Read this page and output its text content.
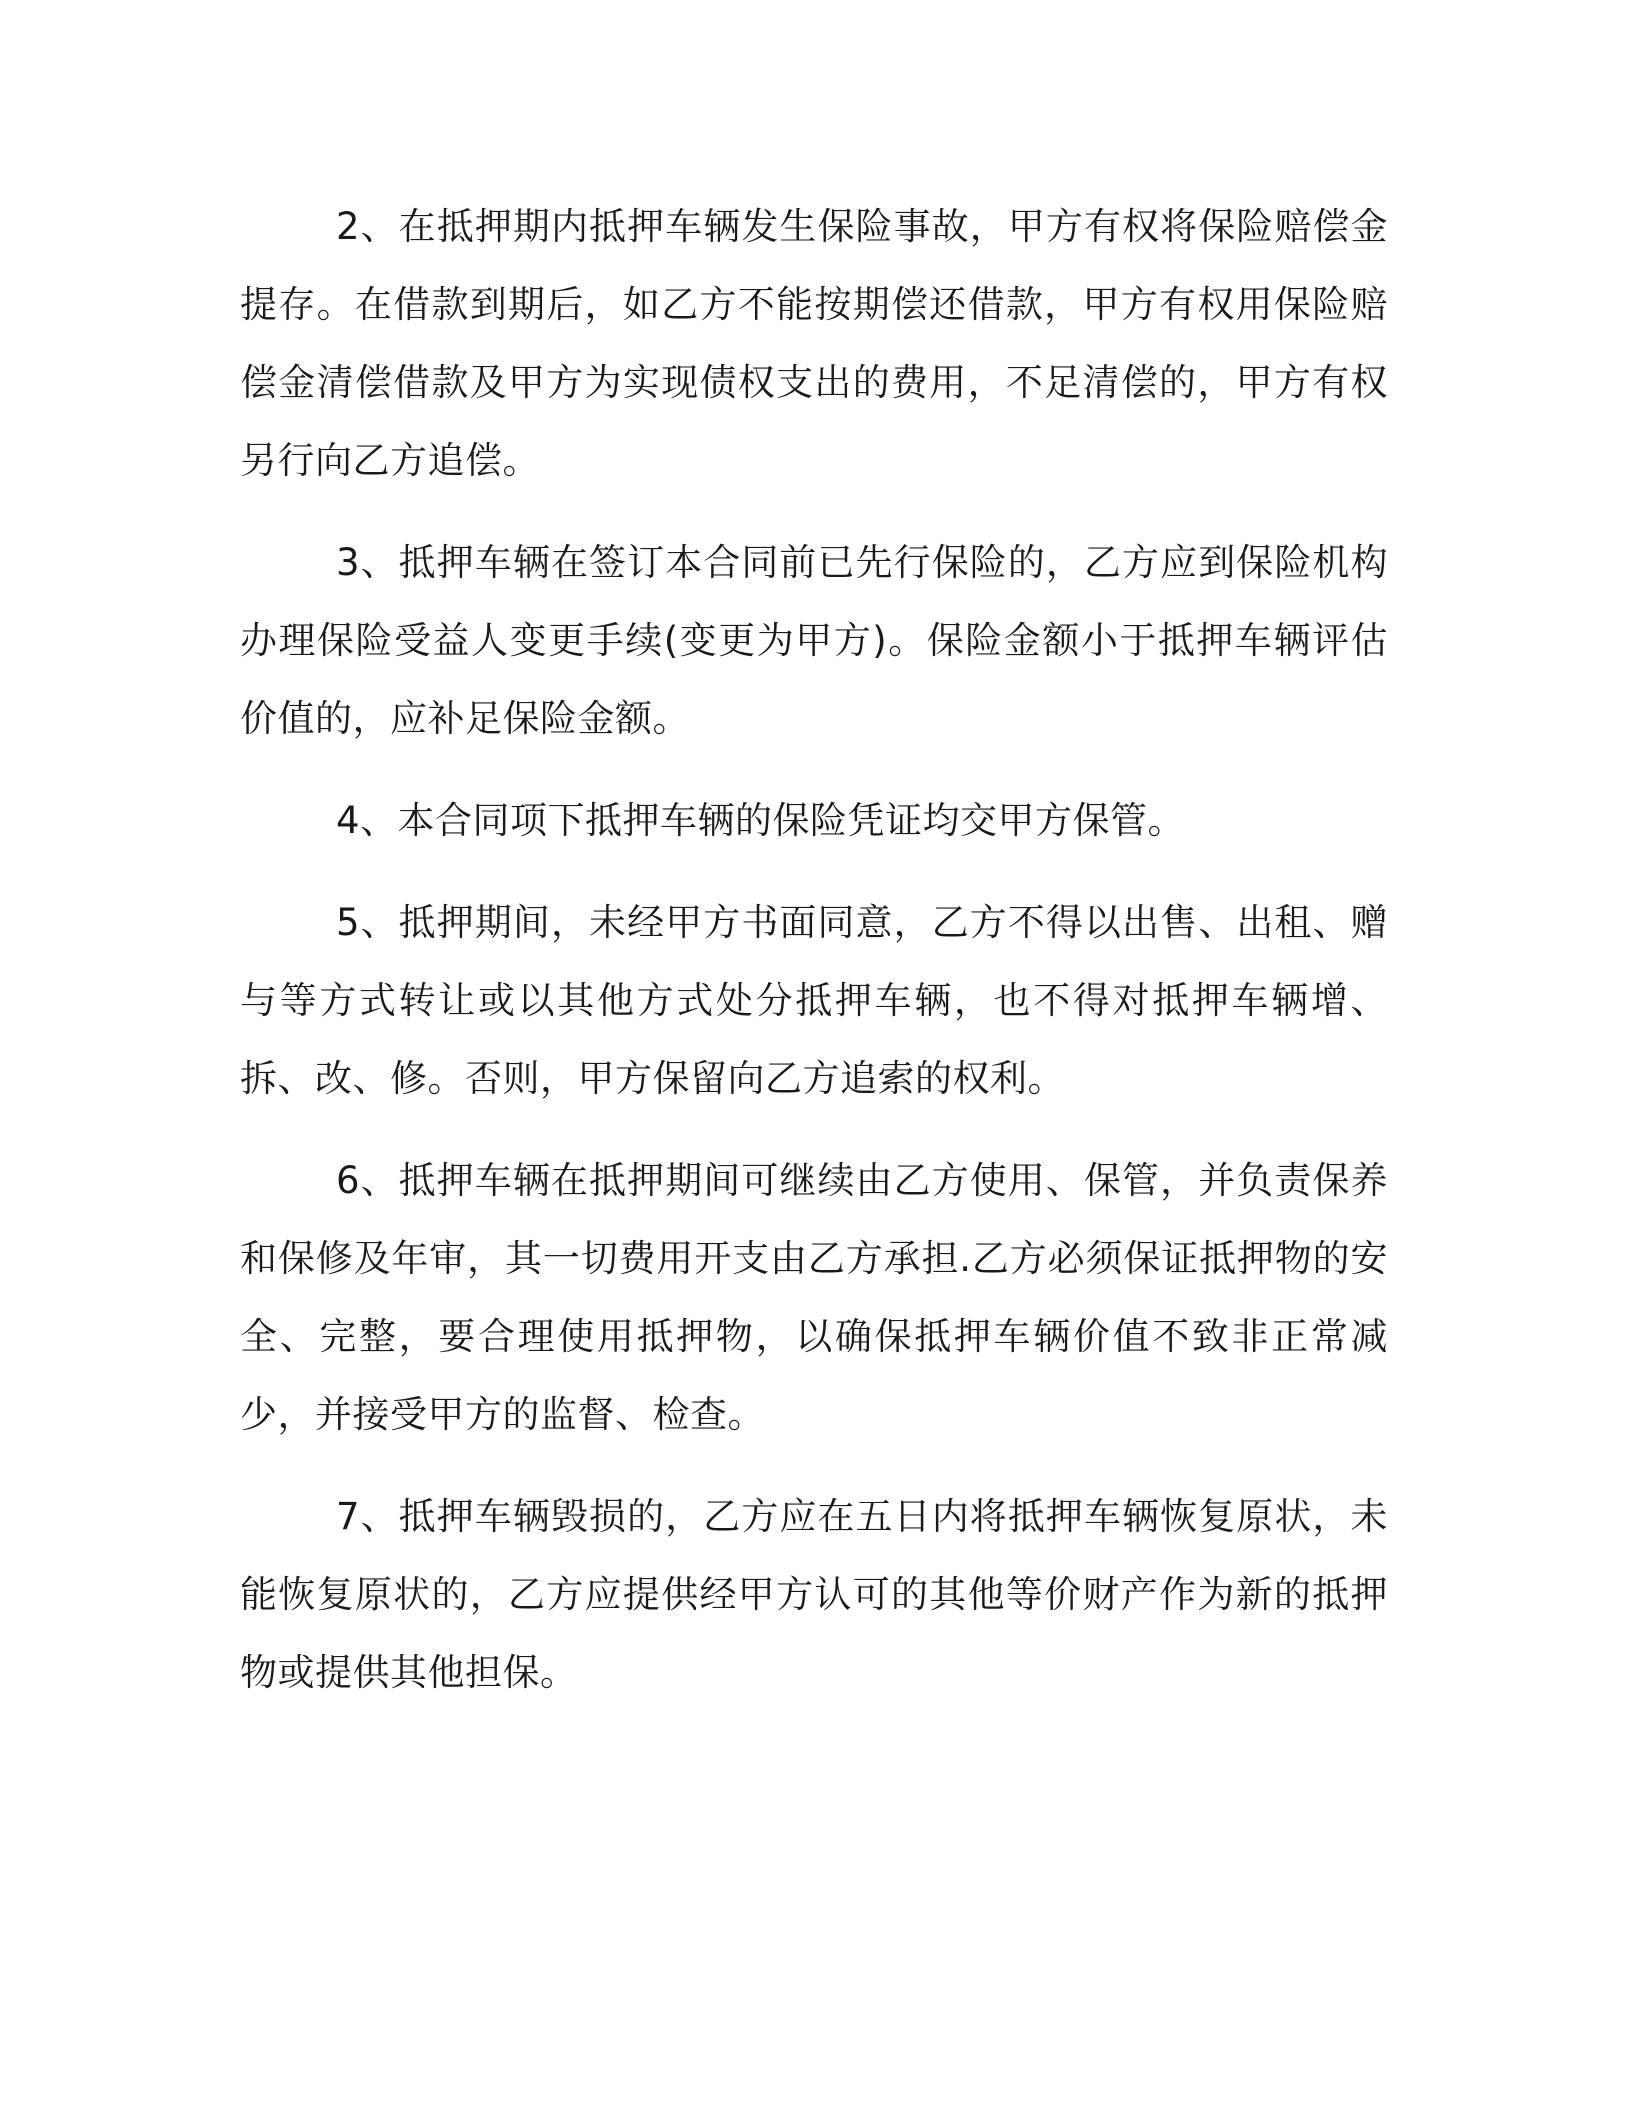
2、在抵押期内抵押车辆发生保险事故，甲方有权将保险赔偿金提存。在借款到期后，如乙方不能按期偿还借款，甲方有权用保险赔偿金清偿借款及甲方为实现债权支出的费用，不足清偿的，甲方有权另行向乙方追偿。

3、抵押车辆在签订本合同前已先行保险的，乙方应到保险机构办理保险受益人变更手续(变更为甲方)。保险金额小于抵押车辆评估价值的，应补足保险金额。

4、本合同项下抵押车辆的保险凭证均交甲方保管。

5、抵押期间，未经甲方书面同意，乙方不得以出售、出租、赠与等方式转让或以其他方式处分抵押车辆，也不得对抵押车辆增、拆、改、修。否则，甲方保留向乙方追索的权利。

6、抵押车辆在抵押期间可继续由乙方使用、保管，并负责保养和保修及年审，其一切费用开支由乙方承担.乙方必须保证抵押物的安全、完整，要合理使用抵押物，以确保抵押车辆价值不致非正常减少，并接受甲方的监督、检查。

7、抵押车辆毁损的，乙方应在五日内将抵押车辆恢复原状，未能恢复原状的，乙方应提供经甲方认可的其他等价财产作为新的抵押物或提供其他担保。
